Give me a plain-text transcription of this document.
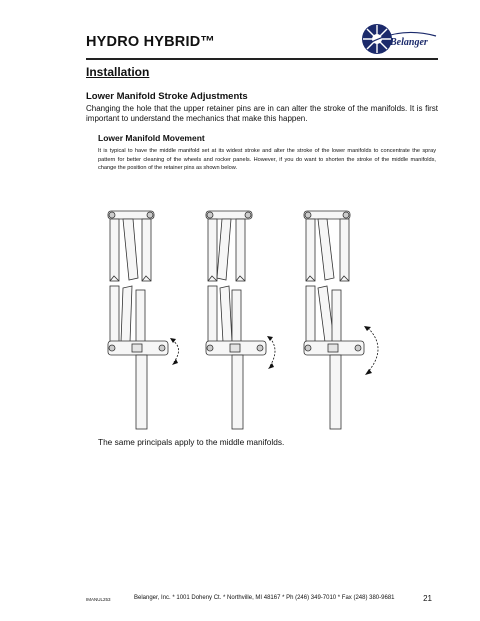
HYDRO HYBRID™	Belanger
Installation
Lower Manifold Stroke Adjustments
Changing the hole that the upper retainer pins are in can alter the stroke of the manifolds. It is first important to understand the mechanics that make this happen.
Lower Manifold Movement
It is typical to have the middle manifold set at its widest stroke and alter the stroke of the lower manifolds to concentrate the spray pattern for better cleaning of the wheels and rocker panels. However, if you do want to shorten the stroke of the middle manifolds, change the position of the retainer pins as shown below.
The same principals apply to the middle manifolds.
IMANUL253	Belanger, Inc. * 1001 Doheny Ct. * Northville, MI 48167 * Ph (246) 349-7010 * Fax (248) 380-9681	21
